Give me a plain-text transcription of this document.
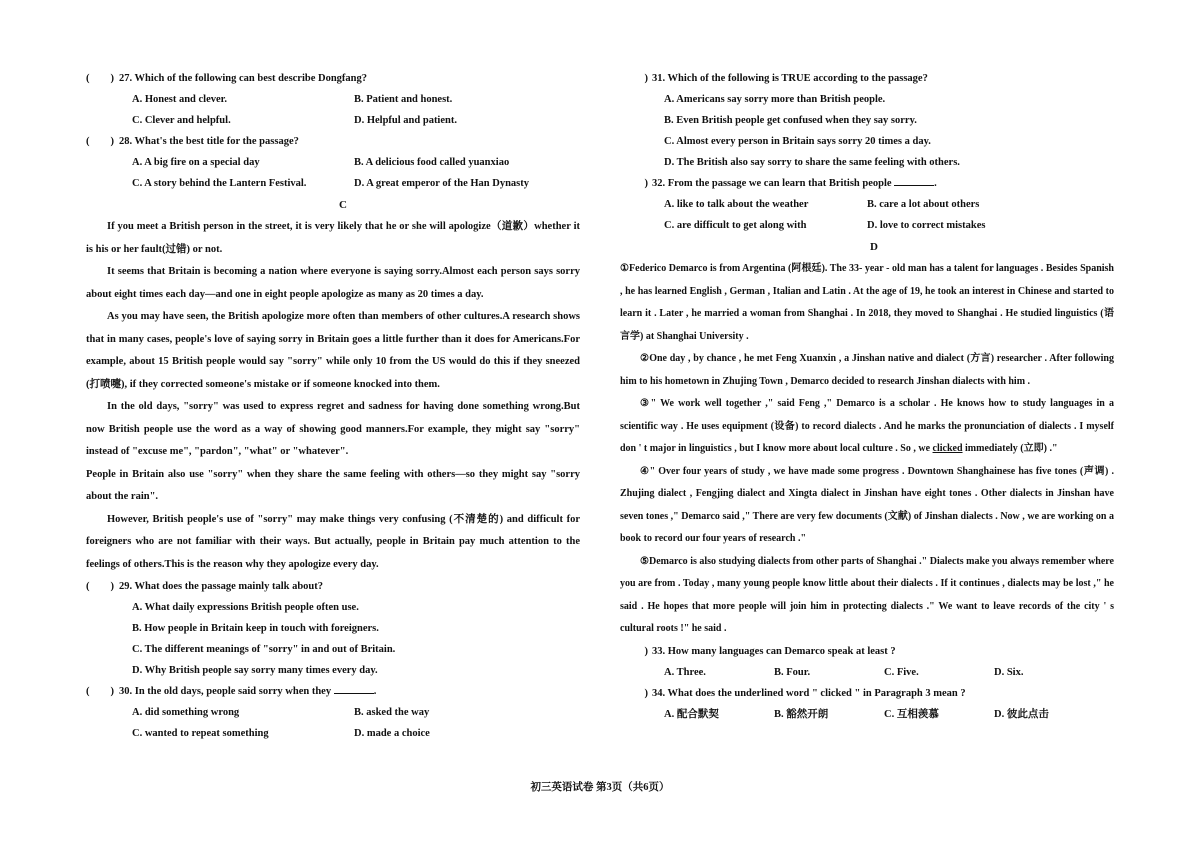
(　　) 27. Which of the following can best describe Dongfang?
A. Honest and clever.	B. Patient and honest.
C. Clever and helpful.	D. Helpful and patient.
(　　) 28. What's the best title for the passage?
A. A big fire on a special day	B. A delicious food called yuanxiao
C. A story behind the Lantern Festival.	D. A great emperor of the Han Dynasty
C

If you meet a British person in the street, it is very likely that he or she will apologize（道歉）whether it is his or her fault(过错) or not.

It seems that Britain is becoming a nation where everyone is saying sorry.Almost each person says sorry about eight times each day—and one in eight people apologize as many as 20 times a day.

As you may have seen, the British apologize more often than members of other cultures.A research shows that in many cases, people's love of saying sorry in Britain goes a little further than it does for Americans.For example, about 15 British people would say "sorry" while only 10 from the US would do this if they sneezed (打喷嚏), if they corrected someone's mistake or if someone knocked into them.

In the old days, "sorry" was used to express regret and sadness for having done something wrong.But now British people use the word as a way of showing good manners.For example, they might say "sorry" instead of "excuse me", "pardon", "what" or "whatever".

People in Britain also use "sorry" when they share the same feeling with others—so they might say "sorry about the rain".

However, British people's use of "sorry" may make things very confusing (不清楚的) and difficult for foreigners who are not familiar with their ways. But actually, people in Britain pay much attention to the feelings of others.This is the reason why they apologize every day.

(　　) 29. What does the passage mainly talk about?
A. What daily expressions British people often use.
B. How people in Britain keep in touch with foreigners.
C. The different meanings of "sorry" in and out of Britain.
D. Why British people say sorry many times every day.
(　　) 30. In the old days, people said sorry when they	.
A. did something wrong	B. asked the way
C. wanted to repeat something	D. made a choice
) 31. Which of the following is TRUE according to the passage?
A. Americans say sorry more than British people.
B. Even British people get confused when they say sorry.
C. Almost every person in Britain says sorry 20 times a day.
D. The British also say sorry to share the same feeling with others.
) 32. From the passage we can learn that British people	.
A. like to talk about the weather	B. care a lot about others
C. are difficult to get along with	D. love to correct mistakes
D

①Federico Demarco is from Argentina (阿根廷). The 33- year - old man has a talent for languages . Besides Spanish , he has learned English , German , Italian and Latin . At the age of 19, he took an interest in Chinese and started to learn it . Later , he married a woman from Shanghai . In 2018, they moved to Shanghai . He studied linguistics (语言学) at Shanghai University .

②One day , by chance , he met Feng Xuanxin , a Jinshan native and dialect (方言) researcher . After following him to his hometown in Zhujing Town , Demarco decided to research Jinshan dialects with him .

③" We work well together ," said Feng ," Demarco is a scholar . He knows how to study languages in a scientific way . He uses equipment (设备) to record dialects . And he marks the pronunciation of dialects . I myself don ' t major in linguistics , but I know more about local culture . So , we clicked immediately (立即) ."

④" Over four years of study , we have made some progress . Downtown Shanghainese has five tones (声调) . Zhujing dialect , Fengjing dialect and Xingta dialect in Jinshan have eight tones . Other dialects in Jinshan have seven tones ," Demarco said ," There are very few documents (文献) of Jinshan dialects . Now , we are working on a book to record our four years of research ."

⑤Demarco is also studying dialects from other parts of Shanghai ." Dialects make you always remember where you are from . Today , many young people know little about their dialects . If it continues , dialects may be lost ," he said . He hopes that more people will join him in protecting dialects ." We want to leave records of the city ' s cultural roots !" he said .

) 33. How many languages can Demarco speak at least ?
A. Three.	B. Four.	C. Five.	D. Six.
) 34. What does the underlined word " clicked " in Paragraph 3 mean ?
A. 配合默契	B. 豁然开朗	C. 互相羡慕	D. 彼此点击
初三英语试卷 第3页（共6页）
